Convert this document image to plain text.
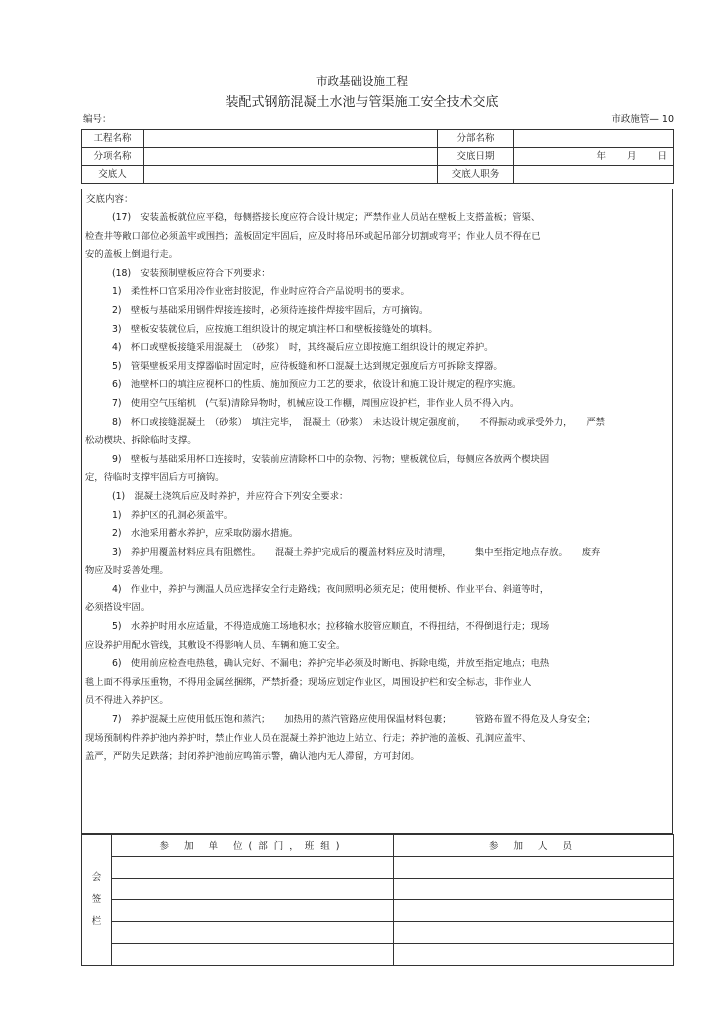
市政基础设施工程
装配式钢筋混凝土水池与管渠施工安全技术交底
编号：	市政施管— 10
工程名称		分部名称	
分项名称		交底日期	年 月 日
交底人		交底人职务	
交底内容：
(17)　安装盖板就位应平稳，每侧搭接长度应符合设计规定；严禁作业人员站在壁板上支搭盖板；管渠、
检查井等敞口部位必须盖牢或围挡；盖板固定牢固后，应及时将吊环或起吊部分切割或弯平；作业人员不得在已
安的盖板上倒退行走。
(18)　安装预制壁板应符合下列要求：
1)　柔性杯口官采用冷作业密封胶泥，作业时应符合产品说明书的要求。
2)　壁板与基础采用钢件焊接连接时，必须待连接件焊接牢固后，方可摘钩。
3)　壁板安装就位后，应按施工组织设计的规定填注杯口和壁板接缝处的填料。
4)　杯口或壁板接缝采用混凝土　（砂浆）　时，其终凝后应立即按施工组织设计的规定养护。
5)　管渠壁板采用支撑器临时固定时，应待板缝和杯口混凝土达到规定强度后方可拆除支撑器。
6)　池壁杯口的填注应视杯口的性质、施加预应力工艺的要求，依设计和施工设计规定的程序实施。
7)　使用空气压缩机　(气泵)清除异物时，机械应设工作棚，周围应设护栏，非作业人员不得入内。
8)　杯口或接缝混凝土　（砂浆）　填注完毕，　混凝土（砂浆）　未达设计规定强度前，　　不得振动或承受外力，　　严禁
松动楔块、拆除临时支撑。
9)　壁板与基础采用杯口连接时，安装前应清除杯口中的杂物、污物；壁板就位后，每侧应各放两个楔块固
定，待临时支撑牢固后方可摘钩。
(1)　混凝土浇筑后应及时养护，并应符合下列安全要求：
1)　养护区的孔洞必须盖牢。
2)　水池采用蓄水养护，应采取防溺水措施。
3)　养护用覆盖材料应具有阻燃性。　　混凝土养护完成后的覆盖材料应及时清理，　　　集中至指定地点存放。　　废弃
物应及时妥善处理。
4)　作业中，养护与测温人员应选择安全行走路线；夜间照明必须充足；使用便桥、作业平台、斜道等时，
必须搭设牢固。
5)　水养护时用水应适量，不得造成施工场地积水；拉移输水胶管应顺直，不得扭结，不得倒退行走；现场
应设养护用配水管线，其敷设不得影响人员、车辆和施工安全。
6)　使用前应检查电热毯，确认完好、不漏电；养护完毕必须及时断电、拆除电缆，并放至指定地点；电热
毯上面不得承压重物，不得用金属丝捆绑，严禁折叠；现场应划定作业区，周围设护栏和安全标志，非作业人
员不得进入养护区。
7)　养护混凝土应使用低压饱和蒸汽；　　加热用的蒸汽管路应使用保温材料包裹；　　　管路布置不得危及人身安全；
现场预制构件养护池内养护时，禁止作业人员在混凝土养护池边上站立、行走；养护池的盖板、孔洞应盖牢、
盖严，严防失足跌落；封闭养护池前应鸣笛示警，确认池内无人滞留，方可封闭。
会
签
栏	参 加 单 位(部门，班组)	参 加 人 员
